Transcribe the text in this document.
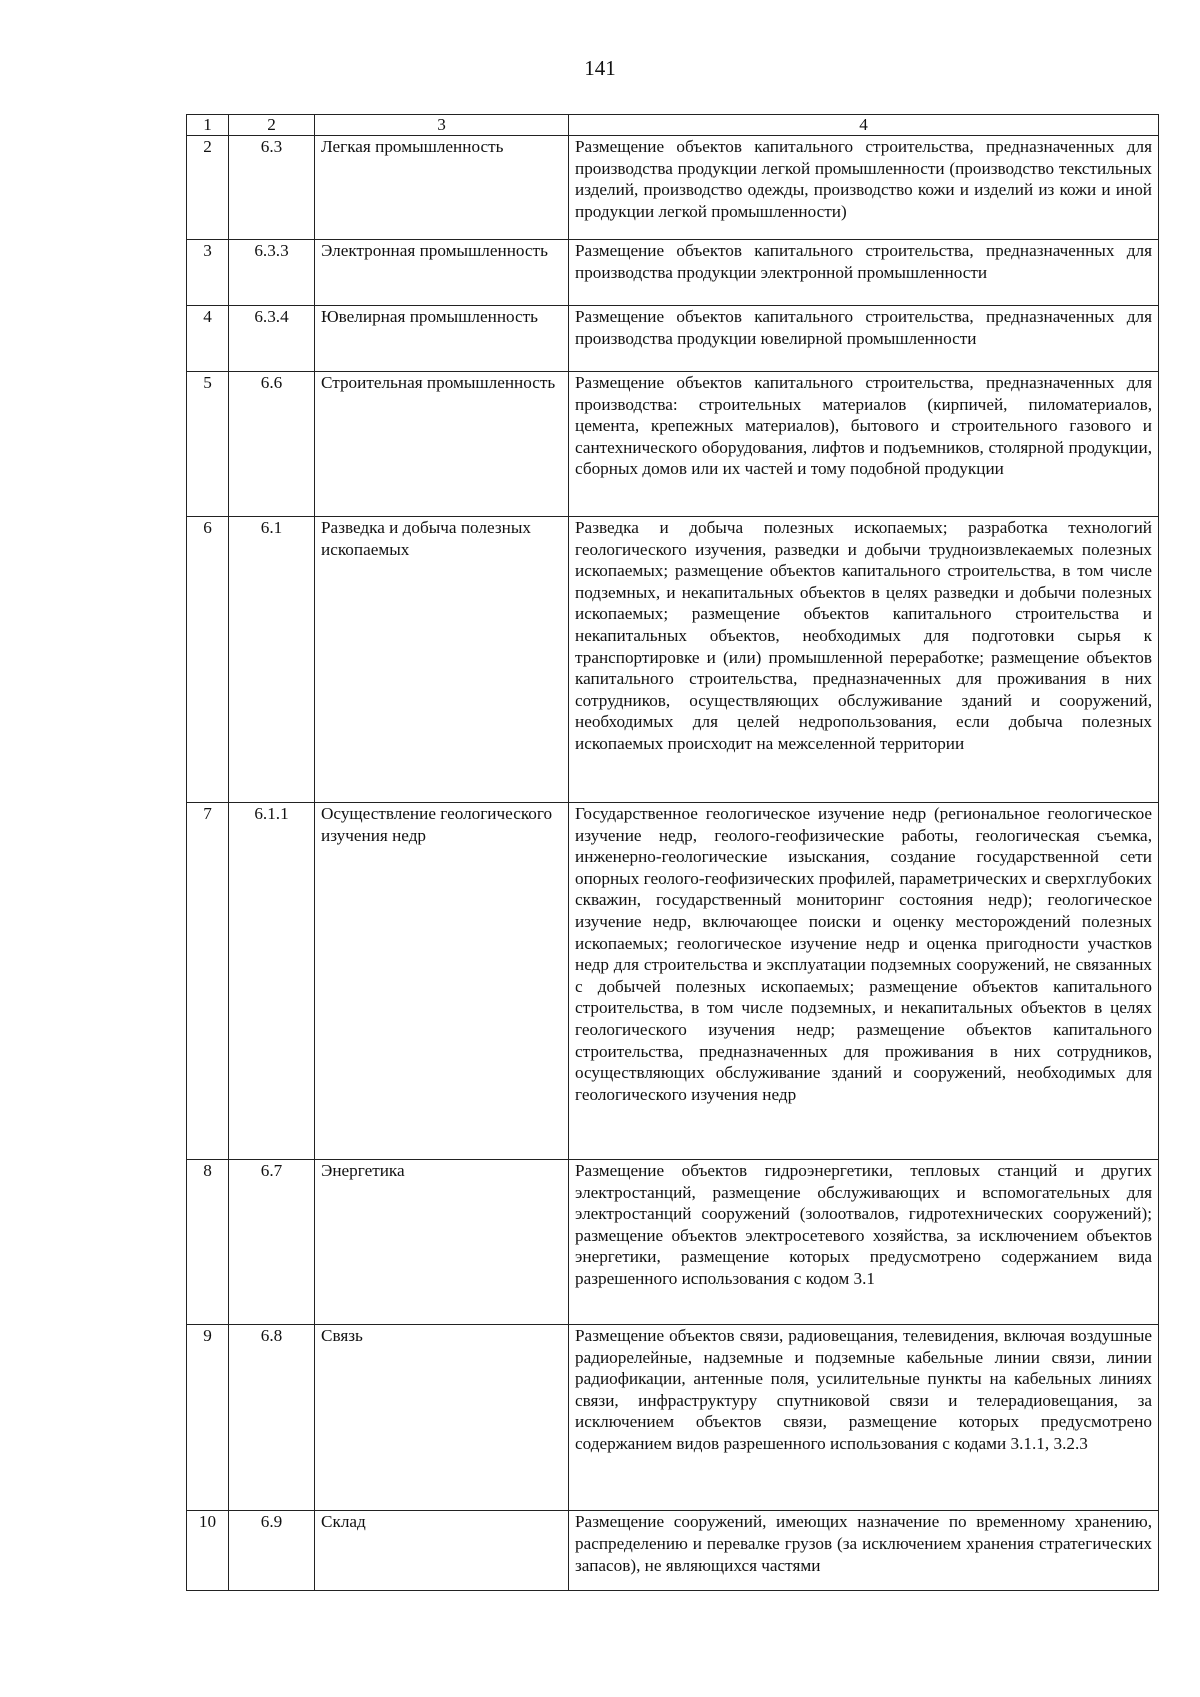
141
1	2	3	4
2	6.3	Легкая промышленность	Размещение объектов капитального строительства, предназначенных для производства продукции легкой промышленности (производство текстильных изделий, производство одежды, производство кожи и изделий из кожи и иной продукции легкой промышленности)
3	6.3.3	Электронная промышленность	Размещение объектов капитального строительства, предназначенных для производства продукции электронной промышленности
4	6.3.4	Ювелирная промышленность	Размещение объектов капитального строительства, предназначенных для производства продукции ювелирной промышленности
5	6.6	Строительная промышленность	Размещение объектов капитального строительства, предназначенных для производства: строительных материалов (кирпичей, пиломатериалов, цемента, крепежных материалов), бытового и строительного газового и сантехнического оборудования, лифтов и подъемников, столярной продукции, сборных домов или их частей и тому подобной продукции
6	6.1	Разведка и добыча полезных ископаемых	Разведка и добыча полезных ископаемых; разработка технологий геологического изучения, разведки и добычи трудноизвлекаемых полезных ископаемых; размещение объектов капитального строительства, в том числе подземных, и некапитальных объектов в целях разведки и добычи полезных ископаемых; размещение объектов капитального строительства и некапитальных объектов, необходимых для подготовки сырья к транспортировке и (или) промышленной переработке; размещение объектов капитального строительства, предназначенных для проживания в них сотрудников, осуществляющих обслуживание зданий и сооружений, необходимых для целей недропользования, если добыча полезных ископаемых происходит на межселенной территории
7	6.1.1	Осуществление геологического изучения недр	Государственное геологическое изучение недр (региональное геологическое изучение недр, геолого-геофизические работы, геологическая съемка, инженерно-геологические изыскания, создание государственной сети опорных геолого-геофизических профилей, параметрических и сверхглубоких скважин, государственный мониторинг состояния недр); геологическое изучение недр, включающее поиски и оценку месторождений полезных ископаемых; геологическое изучение недр и оценка пригодности участков недр для строительства и эксплуатации подземных сооружений, не связанных с добычей полезных ископаемых; размещение объектов капитального строительства, в том числе подземных, и некапитальных объектов в целях геологического изучения недр; размещение объектов капитального строительства, предназначенных для проживания в них сотрудников, осуществляющих обслуживание зданий и сооружений, необходимых для геологического изучения недр
8	6.7	Энергетика	Размещение объектов гидроэнергетики, тепловых станций и других электростанций, размещение обслуживающих и вспомогательных для электростанций сооружений (золоотвалов, гидротехнических сооружений); размещение объектов электросетевого хозяйства, за исключением объектов энергетики, размещение которых предусмотрено содержанием вида разрешенного использования с кодом 3.1
9	6.8	Связь	Размещение объектов связи, радиовещания, телевидения, включая воздушные радиорелейные, надземные и подземные кабельные линии связи, линии радиофикации, антенные поля, усилительные пункты на кабельных линиях связи, инфраструктуру спутниковой связи и телерадиовещания, за исключением объектов связи, размещение которых предусмотрено содержанием видов разрешенного использования с кодами 3.1.1, 3.2.3
10	6.9	Склад	Размещение сооружений, имеющих назначение по временному хранению, распределению и перевалке грузов (за исключением хранения стратегических запасов), не являющихся частями
